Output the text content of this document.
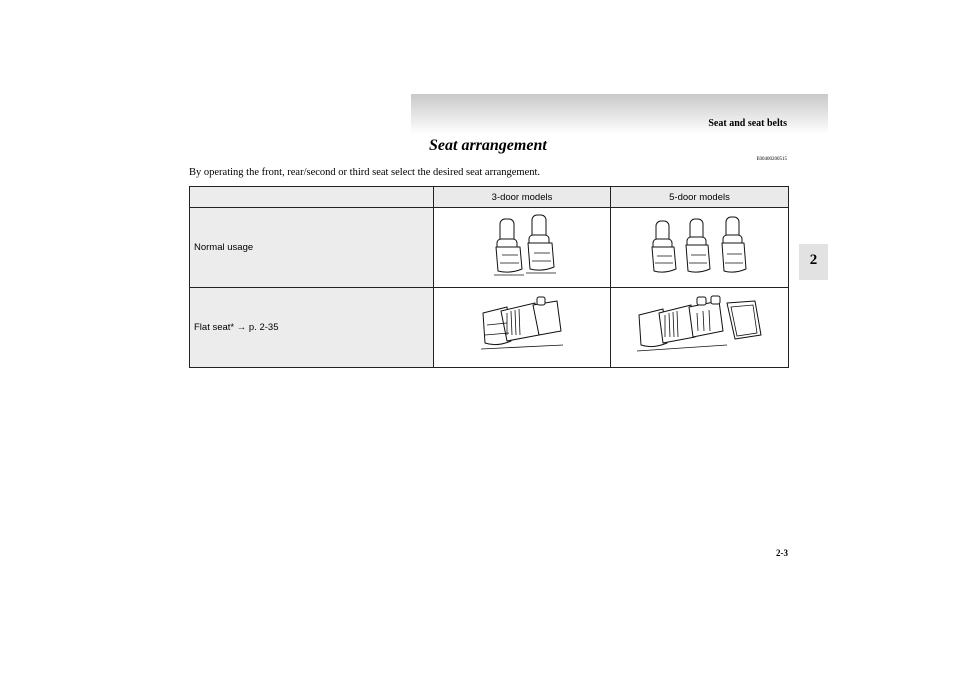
Seat and seat belts
2
Seat arrangement
E00400200515
By operating the front, rear/second or third seat select the desired seat arrangement.
	3-door models	5-door models
Normal usage		
Flat seat* → p. 2-35		
2-3
